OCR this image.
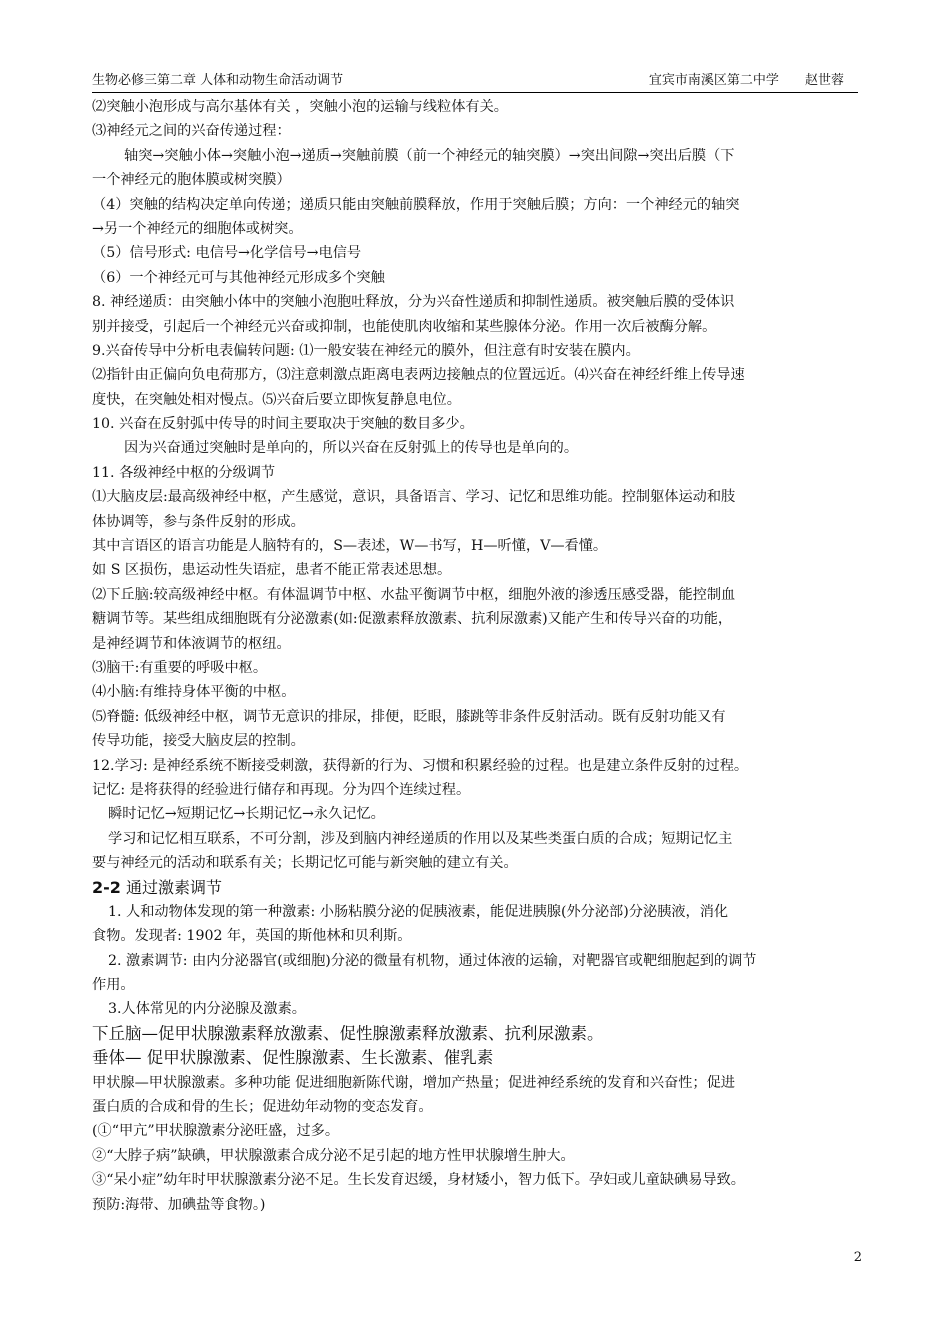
生物必修三第二章 人体和动物生命活动调节	宜宾市南溪区第二中学 赵世蓉
⑵突触小泡形成与高尔基体有关 ，突触小泡的运输与线粒体有关。
⑶神经元之间的兴奋传递过程：
轴突→突触小体→突触小泡→递质→突触前膜（前一个神经元的轴突膜）→突出间隙→突出后膜（下
一个神经元的胞体膜或树突膜）
（4）突触的结构决定单向传递；递质只能由突触前膜释放，作用于突触后膜；方向：一个神经元的轴突
→另一个神经元的细胞体或树突。
（5）信号形式: 电信号→化学信号→电信号
（6）一个神经元可与其他神经元形成多个突触
8. 神经递质：由突触小体中的突触小泡胞吐释放，分为兴奋性递质和抑制性递质。被突触后膜的受体识
别并接受，引起后一个神经元兴奋或抑制，也能使肌肉收缩和某些腺体分泌。作用一次后被酶分解。
9.兴奋传导中分析电表偏转问题: ⑴一般安装在神经元的膜外，但注意有时安装在膜内。
⑵指针由正偏向负电荷那方，⑶注意刺激点距离电表两边接触点的位置远近。⑷兴奋在神经纤维上传导速
度快，在突触处相对慢点。⑸兴奋后要立即恢复静息电位。
10. 兴奋在反射弧中传导的时间主要取决于突触的数目多少。
因为兴奋通过突触时是单向的，所以兴奋在反射弧上的传导也是单向的。
11. 各级神经中枢的分级调节
⑴大脑皮层:最高级神经中枢，产生感觉，意识，具备语言、学习、记忆和思维功能。控制躯体运动和肢
体协调等，参与条件反射的形成。
其中言语区的语言功能是人脑特有的，S—表述，W—书写，H—听懂，V—看懂。
如 S 区损伤，患运动性失语症，患者不能正常表述思想。
⑵下丘脑:较高级神经中枢。有体温调节中枢、水盐平衡调节中枢，细胞外液的渗透压感受器，能控制血
糖调节等。某些组成细胞既有分泌激素(如:促激素释放激素、抗利尿激素)又能产生和传导兴奋的功能，
是神经调节和体液调节的枢纽。
⑶脑干:有重要的呼吸中枢。
⑷小脑:有维持身体平衡的中枢。
⑸脊髓: 低级神经中枢，调节无意识的排尿，排便，眨眼，膝跳等非条件反射活动。既有反射功能又有
传导功能，接受大脑皮层的控制。
12.学习: 是神经系统不断接受刺激，获得新的行为、习惯和积累经验的过程。也是建立条件反射的过程。
记忆: 是将获得的经验进行储存和再现。分为四个连续过程。
瞬时记忆→短期记忆→长期记忆→永久记忆。
学习和记忆相互联系，不可分割，涉及到脑内神经递质的作用以及某些类蛋白质的合成；短期记忆主
要与神经元的活动和联系有关；长期记忆可能与新突触的建立有关。
2-2 通过激素调节
1. 人和动物体发现的第一种激素: 小肠粘膜分泌的促胰液素，能促进胰腺(外分泌部)分泌胰液，消化
食物。发现者: 1902 年，英国的斯他林和贝利斯。
2. 激素调节: 由内分泌器官(或细胞)分泌的微量有机物，通过体液的运输，对靶器官或靶细胞起到的调节
作用。
3.人体常见的内分泌腺及激素。
下丘脑—促甲状腺激素释放激素、促性腺激素释放激素、抗利尿激素。
垂体— 促甲状腺激素、促性腺激素、生长激素、催乳素
甲状腺—甲状腺激素。多种功能 促进细胞新陈代谢，增加产热量；促进神经系统的发育和兴奋性；促进
蛋白质的合成和骨的生长；促进幼年动物的变态发育。
(①“甲亢”甲状腺激素分泌旺盛，过多。
②“大脖子病”缺碘，甲状腺激素合成分泌不足引起的地方性甲状腺增生肿大。
③“呆小症”幼年时甲状腺激素分泌不足。生长发育迟缓，身材矮小，智力低下。孕妇或儿童缺碘易导致。
预防:海带、加碘盐等食物。)
2
